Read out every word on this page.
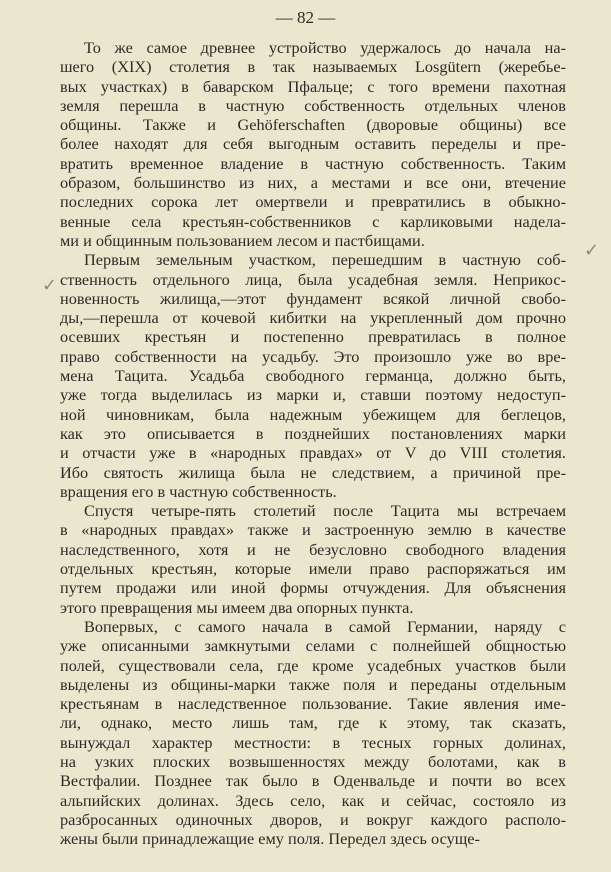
— 82 —
То же самое древнее устройство удержалось до начала на-
шего (XIX) столетия в так называемых Losgütern (жеребье-
вых участках) в баварском Пфальце; с того времени пахотная
земля перешла в частную собственность отдельных членов
общины. Также и Gehöferschaften (дворовые общины) все
более находят для себя выгодным оставить переделы и пре-
вратить временное владение в частную собственность. Таким
образом, большинство из них, а местами и все они, втечение
последних сорока лет омертвели и превратились в обыкно-
венные села крестьян-собственников с карликовыми надела-
ми и общинным пользованием лесом и пастбищами.
Первым земельным участком, перешедшим в частную соб-
ственность отдельного лица, была усадебная земля. Неприкос-
новенность жилища,—этот фундамент всякой личной свобо-
ды,—перешла от кочевой кибитки на укрепленный дом прочно
осевших крестьян и постепенно превратилась в полное
право собственности на усадьбу. Это произошло уже во вре-
мена Тацита. Усадьба свободного германца, должно быть,
уже тогда выделилась из марки и, ставши поэтому недоступ-
ной чиновникам, была надежным убежищем для беглецов,
как это описывается в позднейших постановлениях марки
и отчасти уже в «народных правдах» от V до VIII столетия.
Ибо святость жилища была не следствием, а причиной пре-
вращения его в частную собственность.
Спустя четыре-пять столетий после Тацита мы встречаем
в «народных правдах» также и застроенную землю в качестве
наследственного, хотя и не безусловно свободного владения
отдельных крестьян, которые имели право распоряжаться им
путем продажи или иной формы отчуждения. Для объяснения
этого превращения мы имеем два опорных пункта.
Вопервых, с самого начала в самой Германии, наряду с
уже описанными замкнутыми селами с полнейшей общностью
полей, существовали села, где кроме усадебных участков были
выделены из общины-марки также поля и переданы отдельным
крестьянам в наследственное пользование. Такие явления име-
ли, однако, место лишь там, где к этому, так сказать,
вынуждал характер местности: в тесных горных долинах,
на узких плоских возвышенностях между болотами, как в
Вестфалии. Позднее так было в Оденвальде и почти во всех
альпийских долинах. Здесь село, как и сейчас, состояло из
разбросанных одиночных дворов, и вокруг каждого располо-
жены были принадлежащие ему поля. Передел здесь осуще-
✓
✓
